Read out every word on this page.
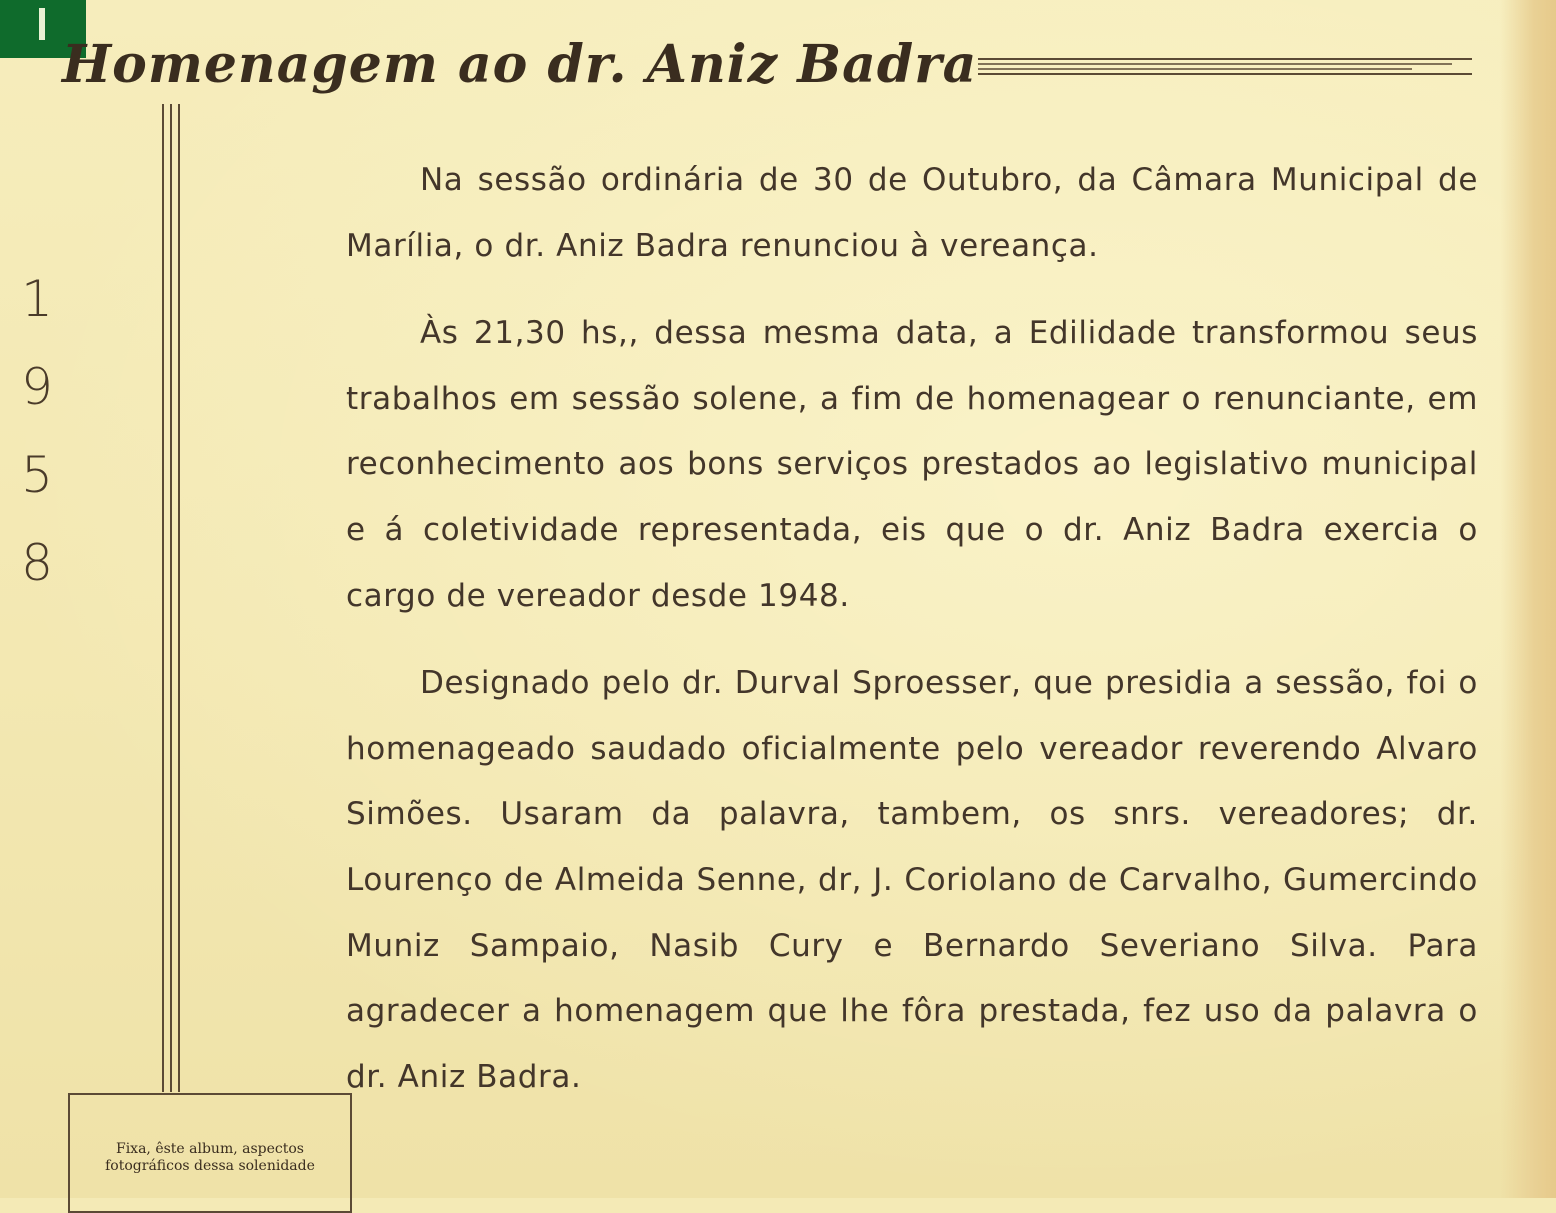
Homenagem ao dr. Aniz Badra
1
9
5
8

Na sessão ordinária de 30 de Outubro, da Câmara Municipal de Marília, o dr. Aniz Badra renunciou à vereança.

Às 21,30 hs,, dessa mesma data, a Edilidade transformou seus trabalhos em sessão solene, a fim de homenagear o renunciante, em reconhecimento aos bons serviços prestados ao legislativo municipal e á coletividade representada, eis que o dr. Aniz Badra exercia o cargo de vereador desde 1948.

Designado pelo dr. Durval Sproesser, que presidia a sessão, foi o homenageado saudado oficialmente pelo vereador reverendo Alvaro Simões. Usaram da palavra, tambem, os snrs. vereadores; dr. Lourenço de Almeida Senne, dr, J. Coriolano de Carvalho, Gumercindo Muniz Sampaio, Nasib Cury e Bernardo Severiano Silva. Para agradecer a homenagem que lhe fôra prestada, fez uso da palavra o dr. Aniz Badra.

Fixa, êste album, aspectos
fotográficos dessa solenidade
